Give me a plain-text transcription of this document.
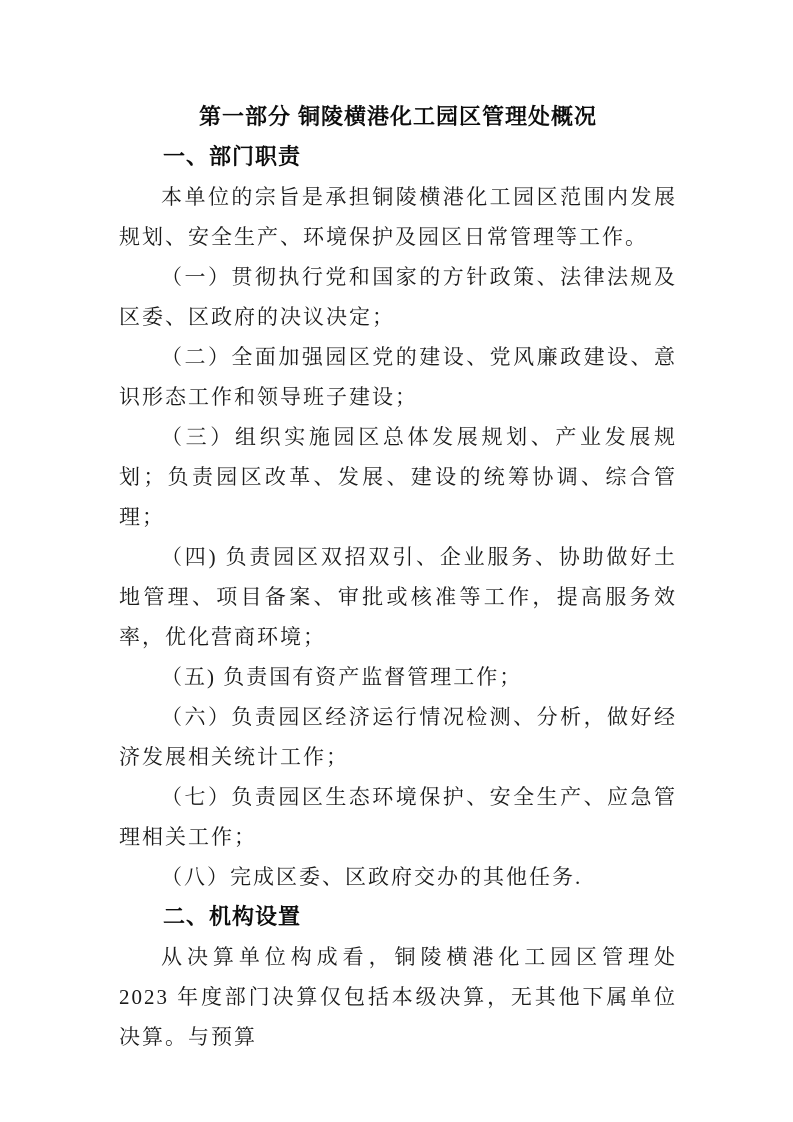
第一部分 铜陵横港化工园区管理处概况
一、部门职责

本单位的宗旨是承担铜陵横港化工园区范围内发展规划、安全生产、环境保护及园区日常管理等工作。

（一）贯彻执行党和国家的方针政策、法律法规及区委、区政府的决议决定；

（二）全面加强园区党的建设、党风廉政建设、意识形态工作和领导班子建设；

（三）组织实施园区总体发展规划、产业发展规划；负责园区改革、发展、建设的统筹协调、综合管理；

（四) 负责园区双招双引、企业服务、协助做好土地管理、项目备案、审批或核准等工作，提高服务效率，优化营商环境；

（五) 负责国有资产监督管理工作；

（六）负责园区经济运行情况检测、分析，做好经济发展相关统计工作；

（七）负责园区生态环境保护、安全生产、应急管理相关工作；

（八）完成区委、区政府交办的其他任务.

二、机构设置

从决算单位构成看，铜陵横港化工园区管理处 2023 年度部门决算仅包括本级决算，无其他下属单位决算。与预算
